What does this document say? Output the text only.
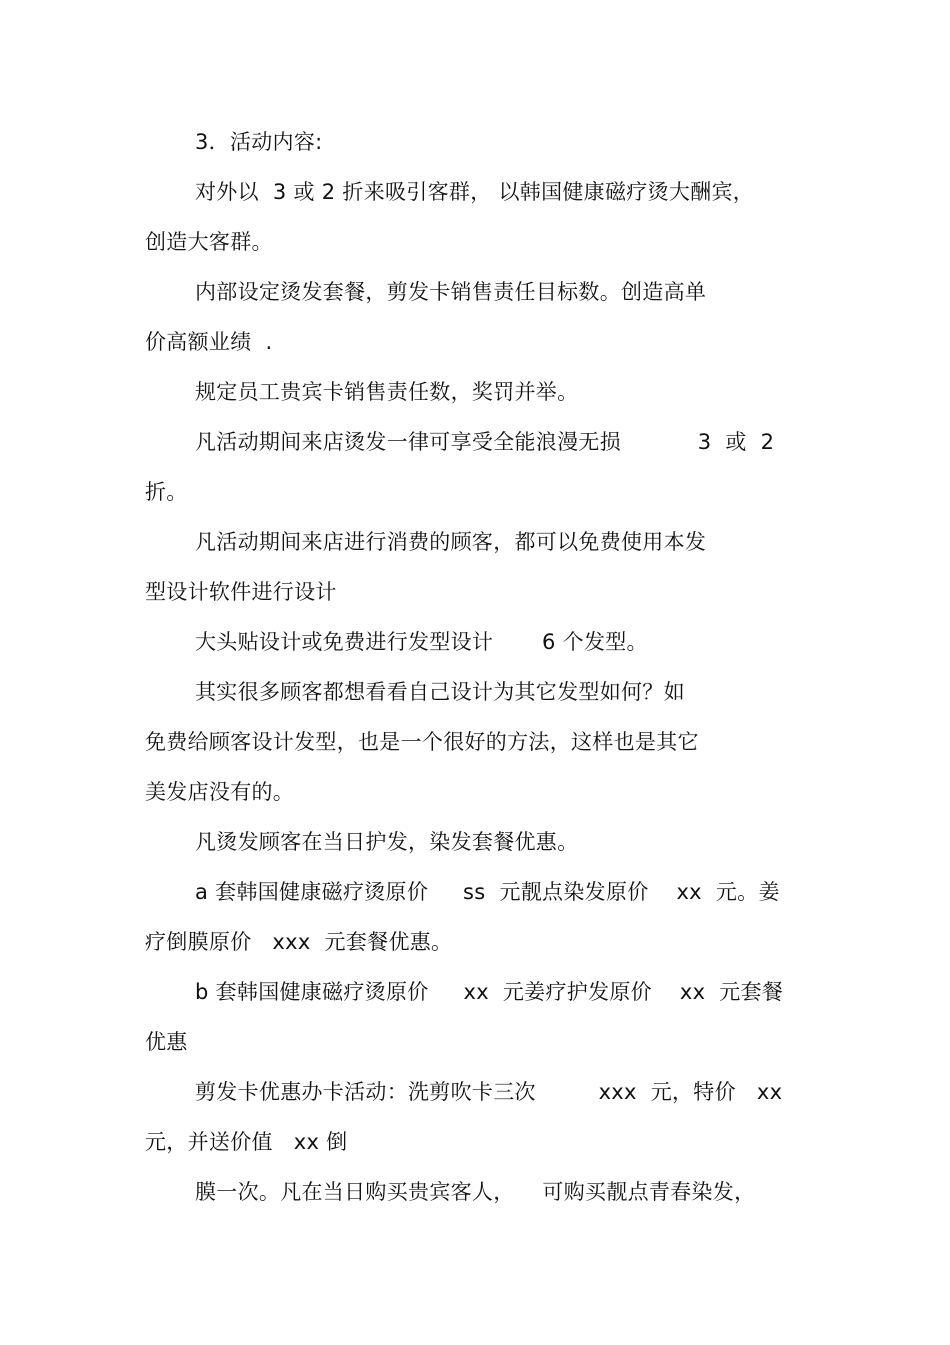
3．活动内容:
对外以  3 或 2 折来吸引客群， 以韩国健康磁疗烫大酬宾，
创造大客群。
内部设定烫发套餐，剪发卡销售责任目标数。创造高单
价高额业绩  .
规定员工贵宾卡销售责任数，奖罚并举。
凡活动期间来店烫发一律可享受全能浪漫无损           3  或  2
折。
凡活动期间来店进行消费的顾客，都可以免费使用本发
型设计软件进行设计
大头贴设计或免费进行发型设计       6 个发型。
其实很多顾客都想看看自己设计为其它发型如何？如
免费给顾客设计发型，也是一个很好的方法，这样也是其它
美发店没有的。
凡烫发顾客在当日护发，染发套餐优惠。
a 套韩国健康磁疗烫原价     ss  元靓点染发原价    xx  元。姜
疗倒膜原价   xxx  元套餐优惠。
b 套韩国健康磁疗烫原价     xx  元姜疗护发原价    xx  元套餐
优惠
剪发卡优惠办卡活动：洗剪吹卡三次         xxx  元，特价   xx
元，并送价值   xx 倒
膜一次。凡在当日购买贵宾客人，    可购买靓点青春染发，
